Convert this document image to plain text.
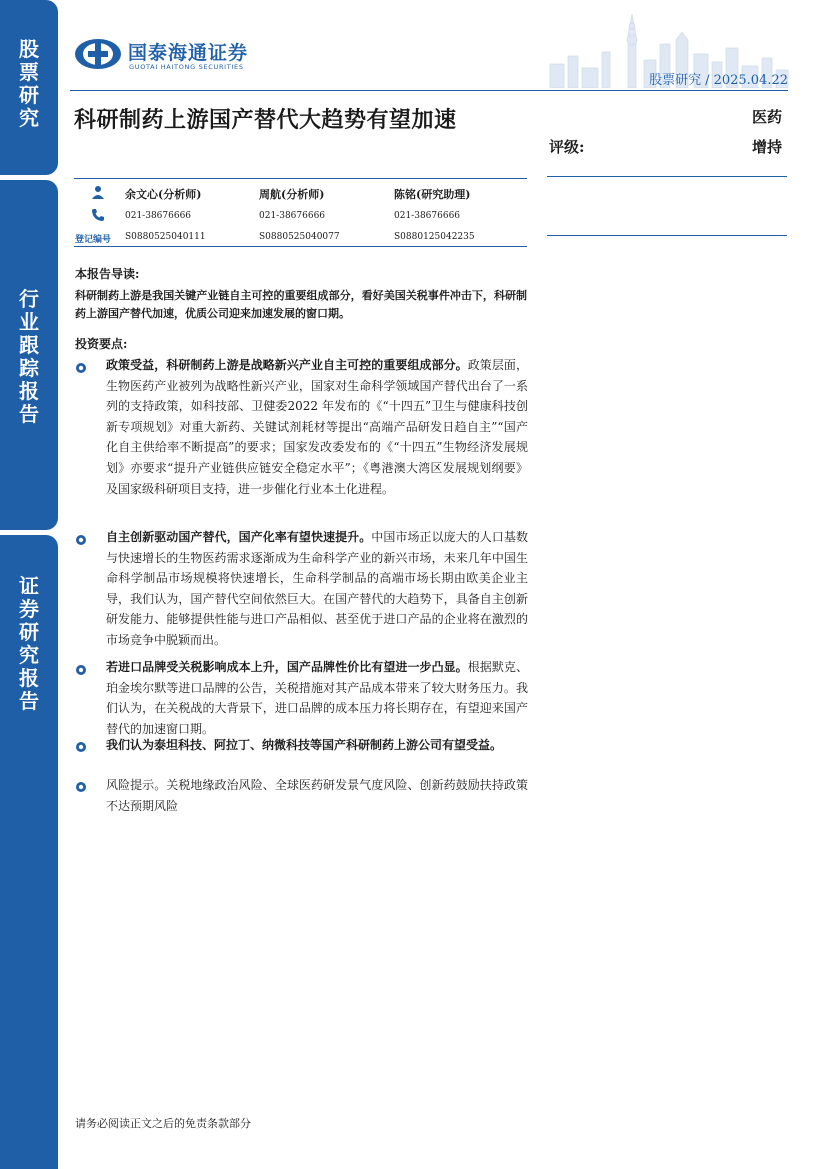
股
票
研
究
行
业
跟
踪
报
告
证
券
研
究
报
告
国泰海通证券
GUOTAI HAITONG SECURITIES
股票研究 / 2025.04.22
科研制药上游国产替代大趋势有望加速	医药
评级:	增持
登记编号
余文心(分析师)	周航(分析师)	陈铭(研究助理)
021-38676666	021-38676666	021-38676666
S0880525040111	S0880525040077	S0880125042235
本报告导读:
科研制药上游是我国关键产业链自主可控的重要组成部分，看好美国关税事件冲击下，科研制药上游国产替代加速，优质公司迎来加速发展的窗口期。
投资要点:
政策受益，科研制药上游是战略新兴产业自主可控的重要组成部分。政策层面，生物医药产业被列为战略性新兴产业，国家对生命科学领域国产替代出台了一系列的支持政策，如科技部、卫健委2022 年发布的《“十四五”卫生与健康科技创新专项规划》对重大新药、关键试剂耗材等提出“高端产品研发日趋自主”“国产化自主供给率不断提高”的要求；国家发改委发布的《“十四五”生物经济发展规划》亦要求“提升产业链供应链安全稳定水平”；《粤港澳大湾区发展规划纲要》及国家级科研项目支持，进一步催化行业本土化进程。
自主创新驱动国产替代，国产化率有望快速提升。中国市场正以庞大的人口基数与快速增长的生物医药需求逐渐成为生命科学产业的新兴市场，未来几年中国生命科学制品市场规模将快速增长，生命科学制品的高端市场长期由欧美企业主导，我们认为，国产替代空间依然巨大。在国产替代的大趋势下，具备自主创新研发能力、能够提供性能与进口产品相似、甚至优于进口产品的企业将在激烈的市场竞争中脱颖而出。
若进口品牌受关税影响成本上升，国产品牌性价比有望进一步凸显。根据默克、珀金埃尔默等进口品牌的公告，关税措施对其产品成本带来了较大财务压力。我们认为，在关税战的大背景下，进口品牌的成本压力将长期存在，有望迎来国产替代的加速窗口期。
我们认为泰坦科技、阿拉丁、纳微科技等国产科研制药上游公司有望受益。
风险提示。关税地缘政治风险、全球医药研发景气度风险、创新药鼓励扶持政策不达预期风险
请务必阅读正文之后的免责条款部分
